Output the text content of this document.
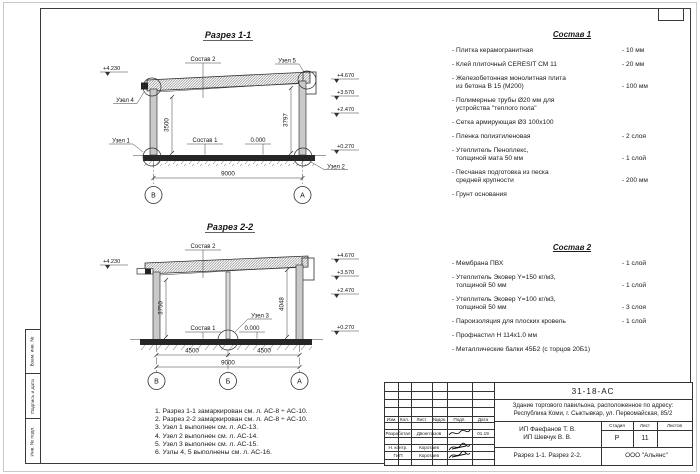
Взам. инв. №
Подпись и дата
Инв. № подл.
Разрез 1-1
3500	3797
9000
В	А
Узел 4
Узел 1
Узел 5
Узел 2
Состав 2
Состав 1	0.000
+4.230
+4.670
+3.570
+2.470
+0.270
Разрез 2-2
3750	4048
Узел 3
Состав 2
Состав 1	0.000
4500	4500
9000
В	Б	А
+4.230
+4.670
+3.570
+2.470
+0.270
Состав 1
- Плитка керамогранитная	- 10 мм
- Клей плиточный CERESIT СМ 11	- 20 мм
- Железобетонная монолитная плита
из бетона В 15 (М200)	- 100 мм
- Полимерные трубы Ø20 мм для
устройства "теплого пола"
- Сетка армирующая Ø3 100х100
- Пленка полиэтиленовая	- 2 слоя
- Утеплитель Пеноплекс,
толщиной мата 50 мм	- 1 слой
- Песчаная подготовка из песка
средней крупности	- 200 мм
- Грунт основания
Состав 2
- Мембрана ПВХ	- 1 слой
- Утеплитель Эковер Y=150 кг/м3,
толщиной 50 мм	- 1 слой
- Утеплитель Эковер Y=100 кг/м3,
толщиной 50 мм	- 3 слоя
- Пароизоляция для плоских кровель	- 1 слой
- Профнастил Н 114х1.0 мм
- Металлические балки 45Б2 (с торцов 20Б1)
1. Разрез 1-1 замаркирован см. л. АС-8 ÷ АС-10.
2. Разрез 2-2 замаркирован см. л. АС-8 ÷ АС-10.
3. Узел 1 выполнен см. л. АС-13.
4. Узел 2 выполнен см. л. АС-14.
5. Узел 3 выполнен см. л. АС-15.
6. Узлы 4, 5 выполнены см. л. АС-16.
Изм. Кол.	Лист	№док.	Подп.	Дата
Разработал	Двоеглазов	01.19
Н. контр.	Коротаев
ГИП	Коротаев
31-18-АС
Здание торгового павильона, расположенное по адресу:
Республика Коми, г. Сыктывкар, ул. Первомайская, 85/2
ИП Фаефанов Т. В.
ИП Шевчук В. В.
Стадия	Лист	Листов
Р	11
Разрез 1-1. Разрез 2-2.	ООО "Альянс"
